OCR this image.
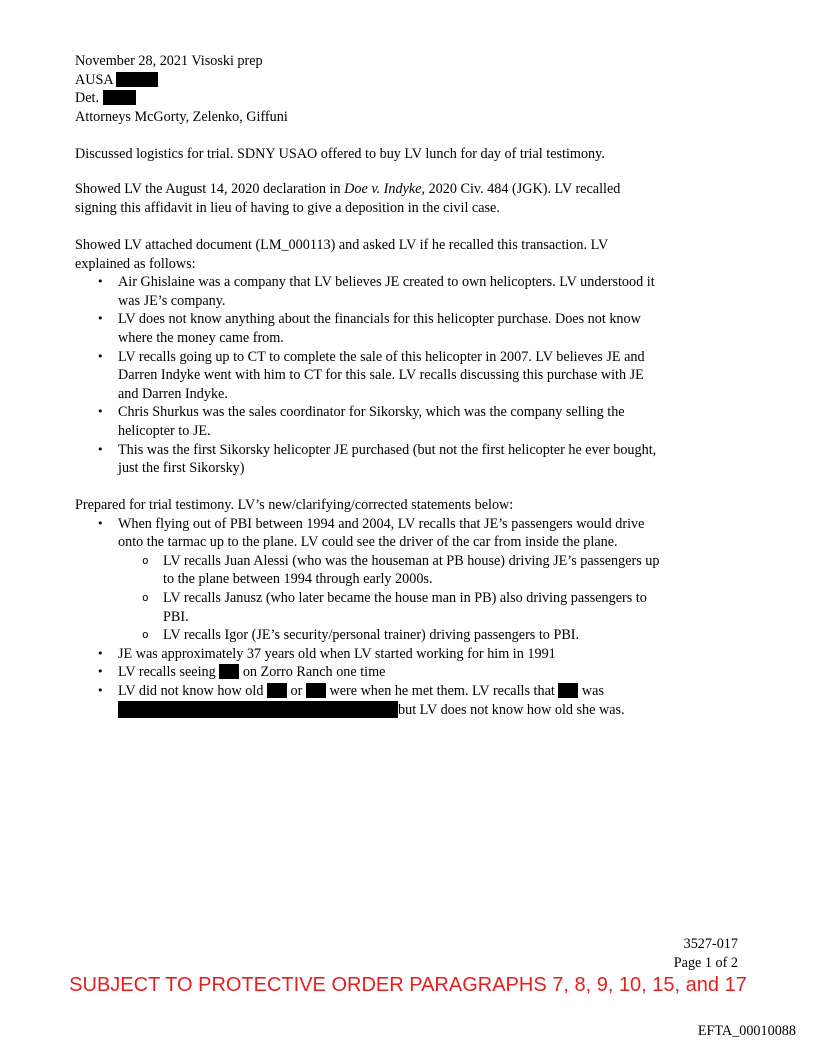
November 28, 2021 Visoski prep
AUSA
Det.
Attorneys McGorty, Zelenko, Giffuni
Discussed logistics for trial. SDNY USAO offered to buy LV lunch for day of trial testimony.
Showed LV the August 14, 2020 declaration in Doe v. Indyke, 2020 Civ. 484 (JGK). LV recalled signing this affidavit in lieu of having to give a deposition in the civil case.
Showed LV attached document (LM_000113) and asked LV if he recalled this transaction. LV explained as follows:
• Air Ghislaine was a company that LV believes JE created to own helicopters. LV understood it was JE’s company.
• LV does not know anything about the financials for this helicopter purchase. Does not know where the money came from.
• LV recalls going up to CT to complete the sale of this helicopter in 2007. LV believes JE and Darren Indyke went with him to CT for this sale. LV recalls discussing this purchase with JE and Darren Indyke.
• Chris Shurkus was the sales coordinator for Sikorsky, which was the company selling the helicopter to JE.
• This was the first Sikorsky helicopter JE purchased (but not the first helicopter he ever bought, just the first Sikorsky)
Prepared for trial testimony. LV’s new/clarifying/corrected statements below:
• When flying out of PBI between 1994 and 2004, LV recalls that JE’s passengers would drive onto the tarmac up to the plane. LV could see the driver of the car from inside the plane.
o LV recalls Juan Alessi (who was the houseman at PB house) driving JE’s passengers up to the plane between 1994 through early 2000s.
o LV recalls Janusz (who later became the house man in PB) also driving passengers to PBI.
o LV recalls Igor (JE’s security/personal trainer) driving passengers to PBI.
• JE was approximately 37 years old when LV started working for him in 1991
• LV recalls seeing  on Zorro Ranch one time
• LV did not know how old  or  were when he met them. LV recalls that  was
but LV does not know how old she was.
3527-017
Page 1 of 2
SUBJECT TO PROTECTIVE ORDER PARAGRAPHS 7, 8, 9, 10, 15, and 17
EFTA_00010088
